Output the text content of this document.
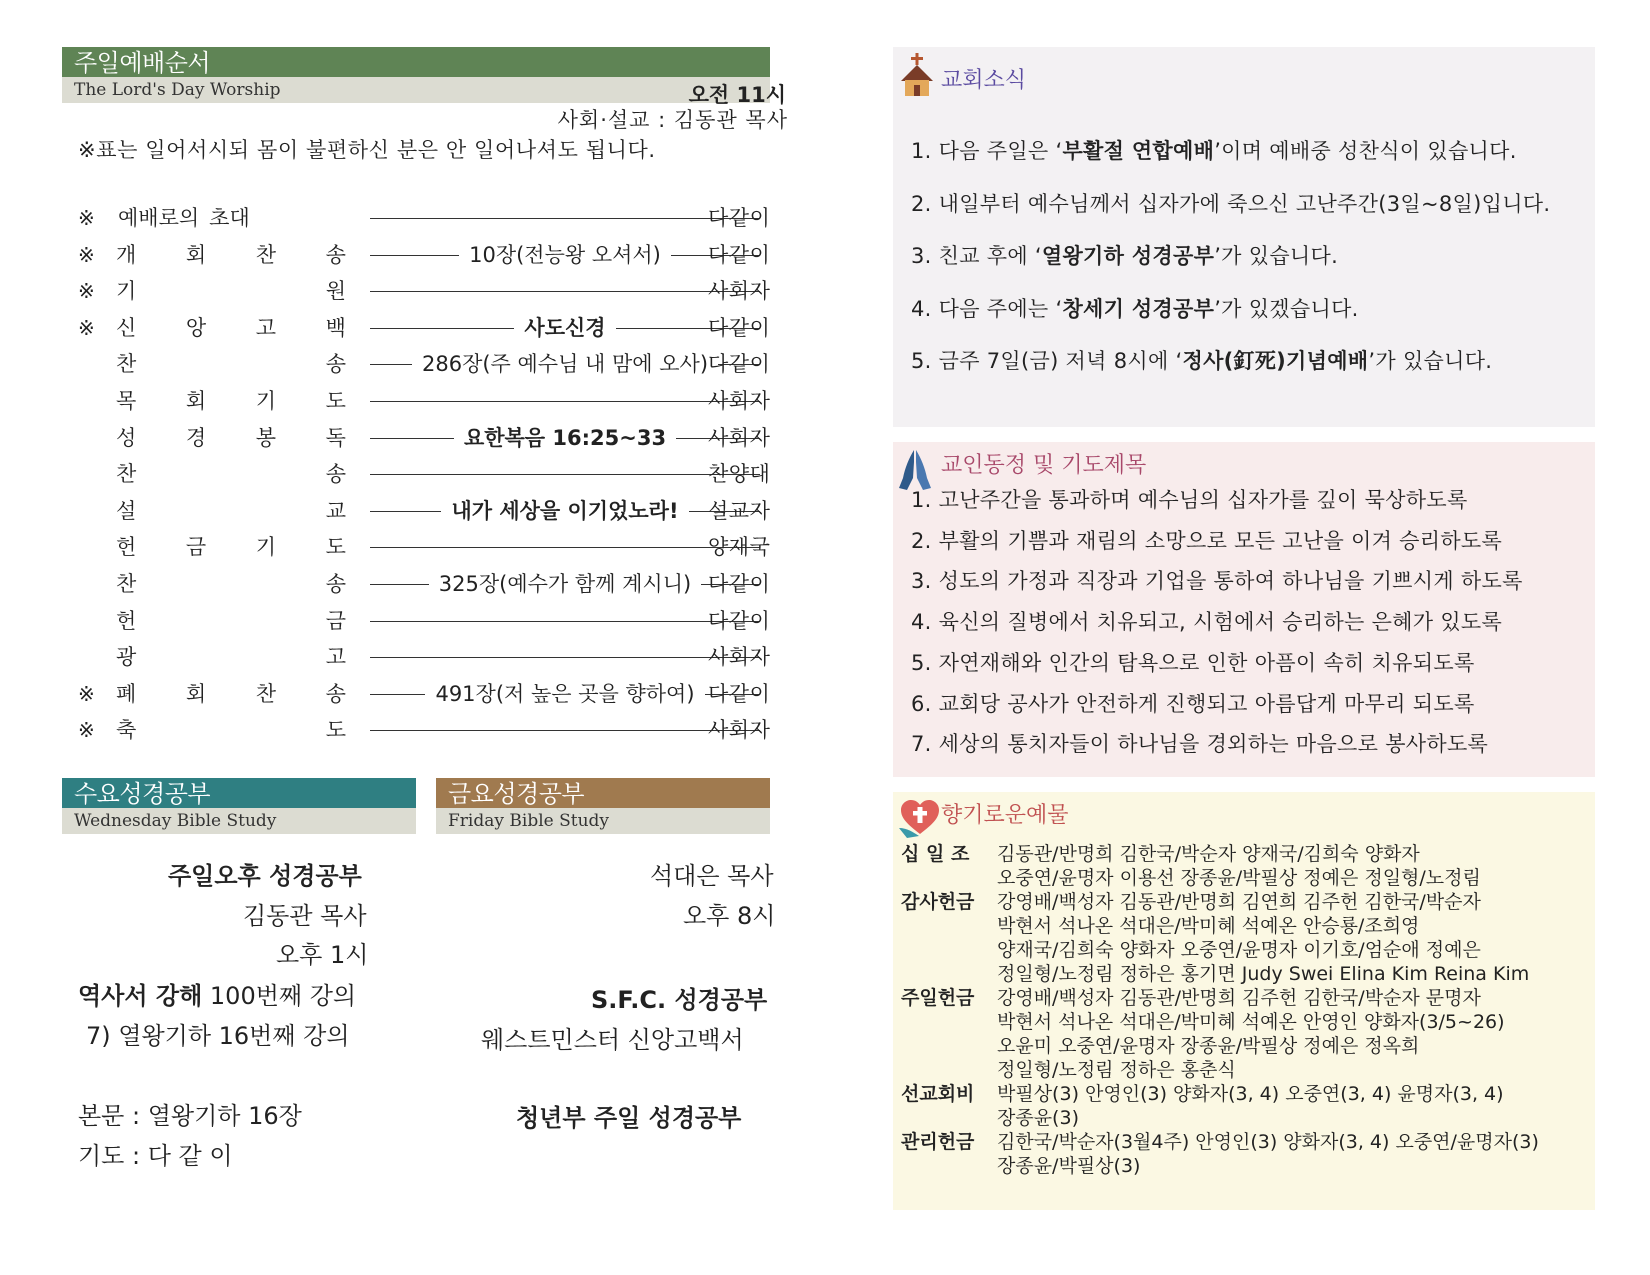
주일예배순서
The Lord's Day Worship	오전 11시
사회·설교 : 김동관 목사
※표는 일어서시되 몸이 불편하신 분은 안 일어나셔도 됩니다.
※ 예배로의 초대	다같이
※ 개 회 찬 송	10장(전능왕 오셔서)	다같이
※ 기	원	사회자
※ 신 앙 고 백	사도신경	다같이
찬	송	286장(주 예수님 내 맘에 오사) 다같이
목 회 기 도	사회자
성 경 봉 독	요한복음 16:25~33	사회자
찬	송	찬양대
설	교	내가 세상을 이기었노라!	설교자
헌 금 기 도	양재국
찬	송	325장(예수가 함께 계시니) 다같이
헌	금	다같이
광	고	사회자
※ 폐 회 찬 송	491장(저 높은 곳을 향하여) 다같이
※ 축	도	사회자
수요성경공부
Wednesday Bible Study
금요성경공부
Friday Bible Study
주일오후 성경공부
김동관 목사
오후 1시
역사서 강해 100번째 강의
7) 열왕기하 16번째 강의
본문 : 열왕기하 16장
기도 : 다 같 이
석대은 목사
오후 8시
S.F.C. 성경공부
웨스트민스터 신앙고백서
청년부 주일 성경공부
교회소식
1. 다음 주일은 ‘부활절 연합예배’이며 예배중 성찬식이 있습니다.
2. 내일부터 예수님께서 십자가에 죽으신 고난주간(3일~8일)입니다.
3. 친교 후에 ‘열왕기하 성경공부’가 있습니다.
4. 다음 주에는 ‘창세기 성경공부’가 있겠습니다.
5. 금주 7일(금) 저녁 8시에 ‘정사(釘死)기념예배’가 있습니다.
교인동정 및 기도제목
1. 고난주간을 통과하며 예수님의 십자가를 깊이 묵상하도록
2. 부활의 기쁨과 재림의 소망으로 모든 고난을 이겨 승리하도록
3. 성도의 가정과 직장과 기업을 통하여 하나님을 기쁘시게 하도록
4. 육신의 질병에서 치유되고, 시험에서 승리하는 은혜가 있도록
5. 자연재해와 인간의 탐욕으로 인한 아픔이 속히 치유되도록
6. 교회당 공사가 안전하게 진행되고 아름답게 마무리 되도록
7. 세상의 통치자들이 하나님을 경외하는 마음으로 봉사하도록
향기로운예물
십 일 조	김동관/반명희 김한국/박순자 양재국/김희숙 양화자
오중연/윤명자 이용선 장종윤/박필상 정예은 정일형/노정림
감사헌금	강영배/백성자 김동관/반명희 김연희 김주헌 김한국/박순자
박현서 석나온 석대은/박미혜 석예온 안승룡/조희영
양재국/김희숙 양화자 오중연/윤명자 이기호/엄순애 정예은
정일형/노정림 정하은 홍기면 Judy Swei Elina Kim Reina Kim
주일헌금	강영배/백성자 김동관/반명희 김주헌 김한국/박순자 문명자
박현서 석나온 석대은/박미혜 석예온 안영인 양화자(3/5~26)
오윤미 오중연/윤명자 장종윤/박필상 정예은 정옥희
정일형/노정림 정하은 홍춘식
선교회비	박필상(3) 안영인(3) 양화자(3, 4) 오중연(3, 4) 윤명자(3, 4)
장종윤(3)
관리헌금	김한국/박순자(3월4주) 안영인(3) 양화자(3, 4) 오중연/윤명자(3)
장종윤/박필상(3)
